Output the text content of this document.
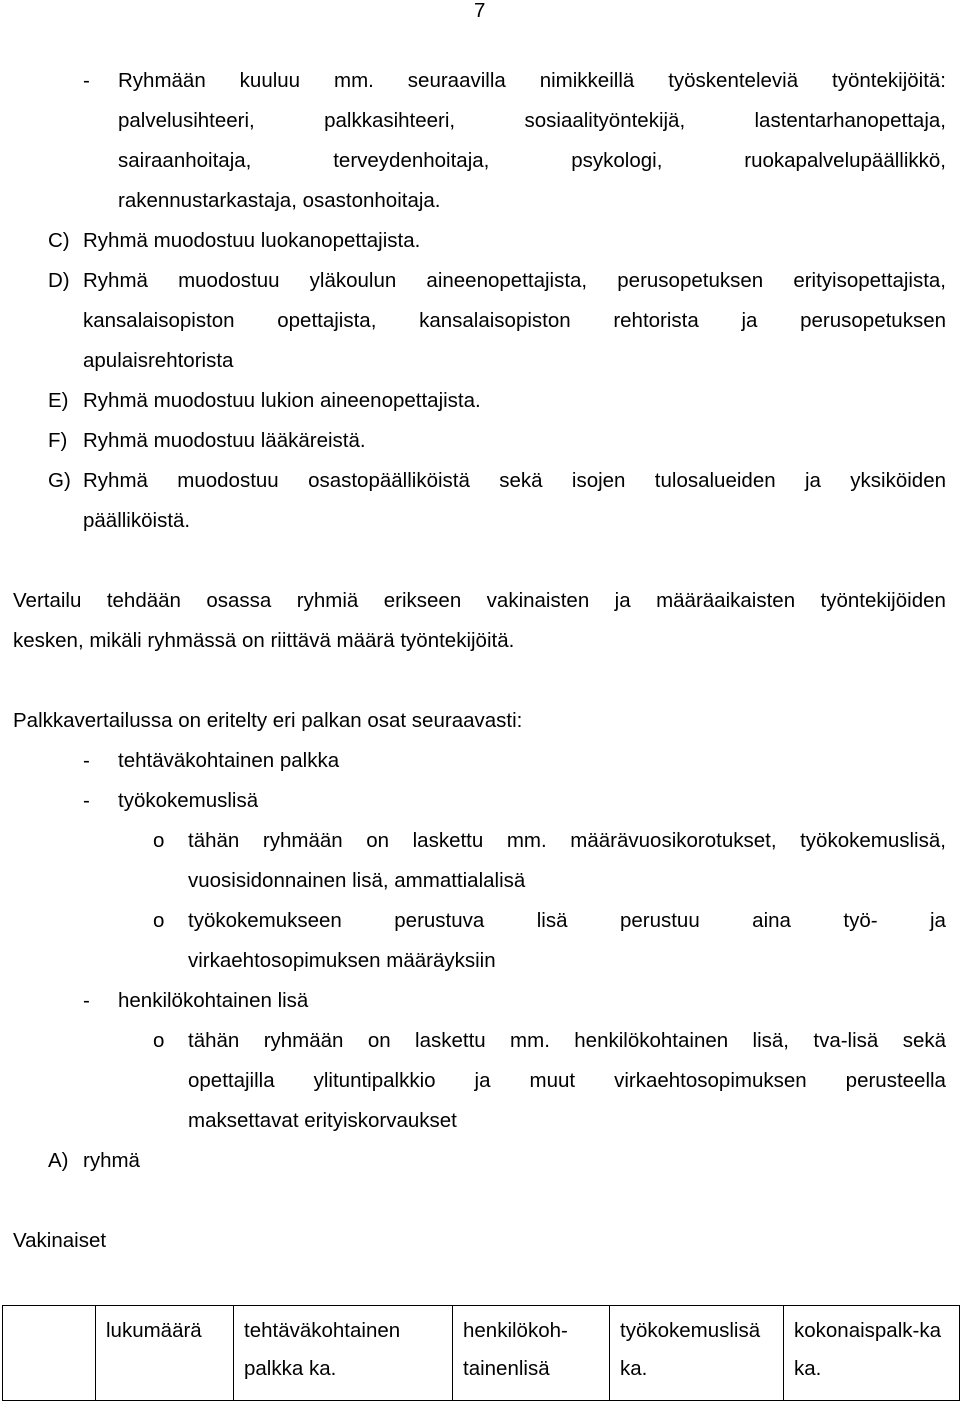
7
- Ryhmään kuuluu mm. seuraavilla nimikkeillä työskenteleviä työntekijöitä:
palvelusihteeri,	palkkasihteeri,	sosiaalityöntekijä,	lastentarhanopettaja,
sairaanhoitaja,	terveydenhoitaja,	psykologi,	ruokapalvelupäällikkö,
rakennustarkastaja, osastonhoitaja.
C) Ryhmä muodostuu luokanopettajista.
D) Ryhmä muodostuu yläkoulun aineenopettajista, perusopetuksen erityisopettajista,
kansalaisopiston opettajista, kansalaisopiston rehtorista ja perusopetuksen
apulaisrehtorista
E) Ryhmä muodostuu lukion aineenopettajista.
F) Ryhmä muodostuu lääkäreistä.
G) Ryhmä muodostuu osastopäälliköistä sekä isojen tulosalueiden ja yksiköiden
päälliköistä.
Vertailu tehdään osassa ryhmiä erikseen vakinaisten ja määräaikaisten työntekijöiden
kesken, mikäli ryhmässä on riittävä määrä työntekijöitä.
Palkkavertailussa on eritelty eri palkan osat seuraavasti:
- tehtäväkohtainen palkka
- työkokemuslisä
o tähän ryhmään on laskettu mm. määrävuosikorotukset, työkokemuslisä,
vuosisidonnainen lisä, ammattialalisä
o työkokemukseen	perustuva	lisä	perustuu	aina	työ-	ja
virkaehtosopimuksen määräyksiin
- henkilökohtainen lisä
o tähän ryhmään on laskettu mm. henkilökohtainen lisä, tva-lisä sekä
opettajilla ylituntipalkkio ja muut virkaehtosopimuksen perusteella
maksettavat erityiskorvaukset
A) ryhmä
Vakinaiset
	lukumäärä	tehtäväkohtainen palkka ka.	henkilökoh-tainenlisä	työkokemuslisä ka.	kokonaispalk-ka ka.
